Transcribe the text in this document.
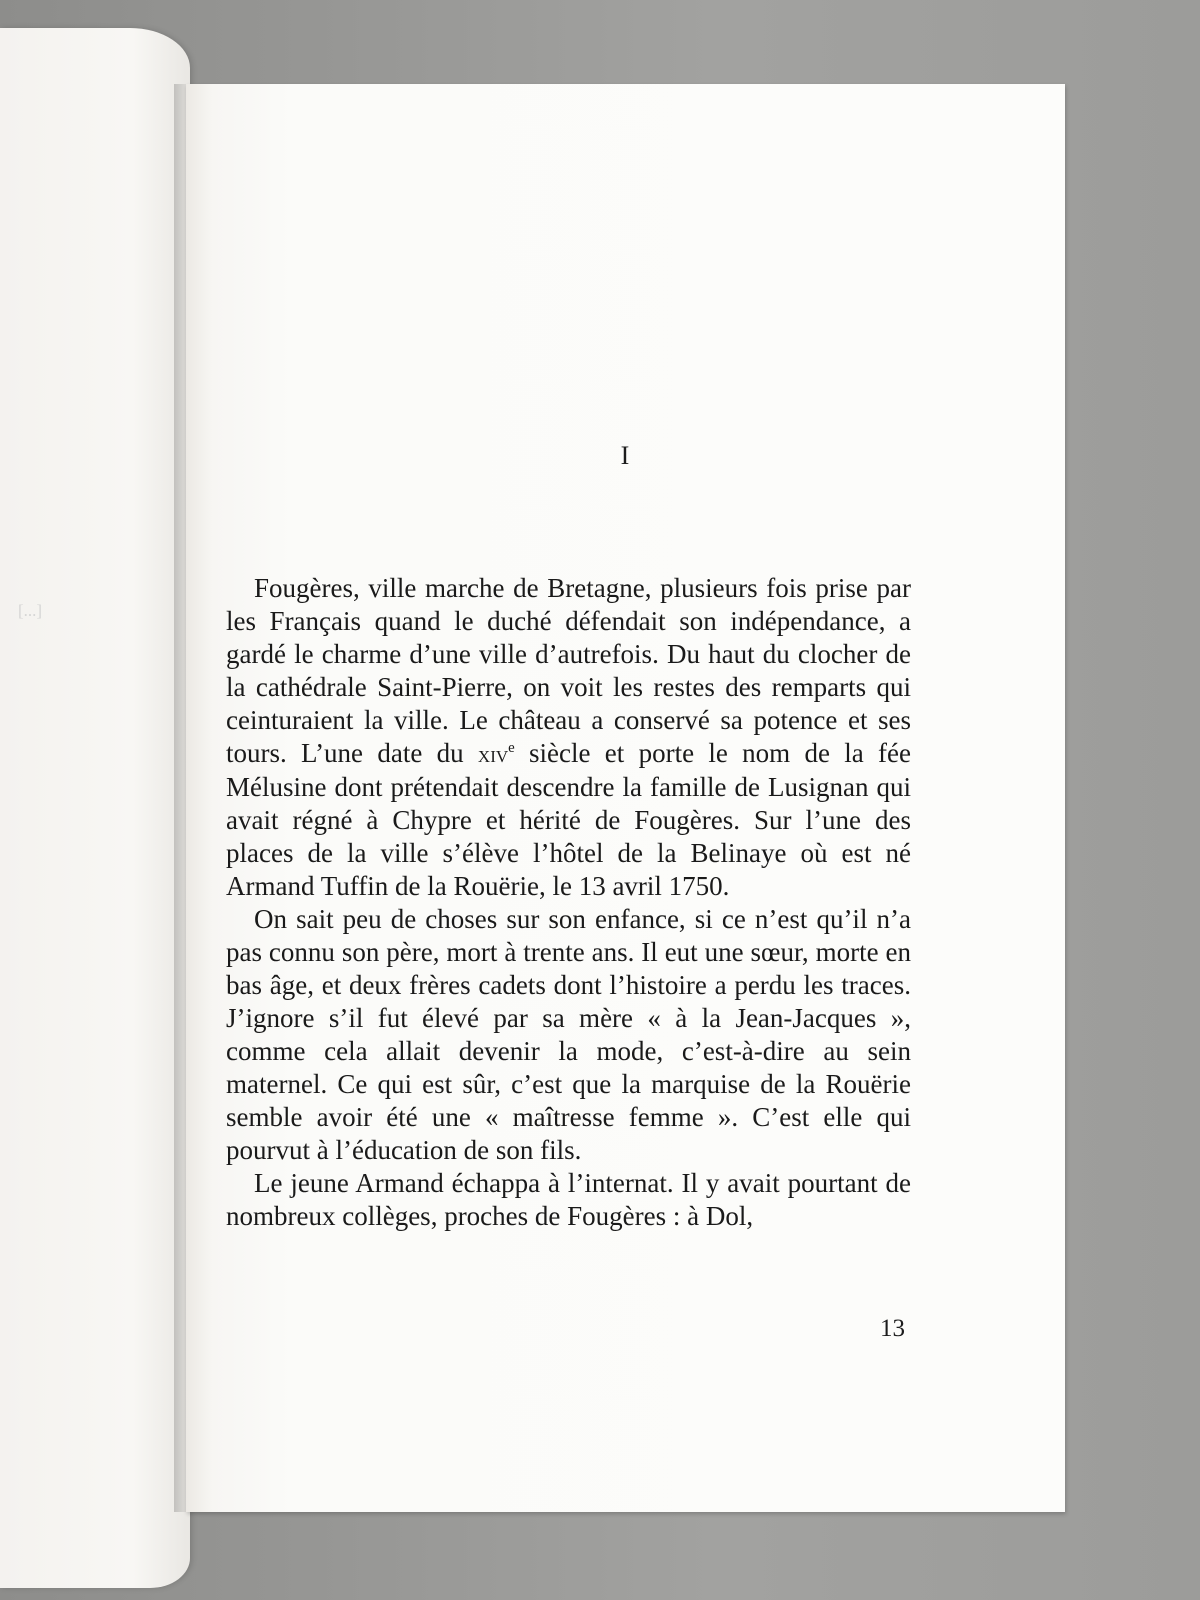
[...]

I

Fougères, ville marche de Bretagne, plusieurs fois prise par les Français quand le duché défendait son indépendance, a gardé le charme d’une ville d’autrefois. Du haut du clocher de la cathédrale Saint-Pierre, on voit les restes des remparts qui ceinturaient la ville. Le château a conservé sa potence et ses tours. L’une date du xiv$^e$ siècle et porte le nom de la fée Mélusine dont prétendait descendre la famille de Lusignan qui avait régné à Chypre et hérité de Fougères. Sur l’une des places de la ville s’élève l’hôtel de la Belinaye où est né Armand Tuffin de la Rouërie, le 13 avril 1750.

On sait peu de choses sur son enfance, si ce n’est qu’il n’a pas connu son père, mort à trente ans. Il eut une sœur, morte en bas âge, et deux frères cadets dont l’histoire a perdu les traces. J’ignore s’il fut élevé par sa mère « à la Jean-Jacques », comme cela allait devenir la mode, c’est-à-dire au sein maternel. Ce qui est sûr, c’est que la marquise de la Rouërie semble avoir été une « maîtresse femme ». C’est elle qui pourvut à l’éducation de son fils.

Le jeune Armand échappa à l’internat. Il y avait pourtant de nombreux collèges, proches de Fougères : à Dol,

13
